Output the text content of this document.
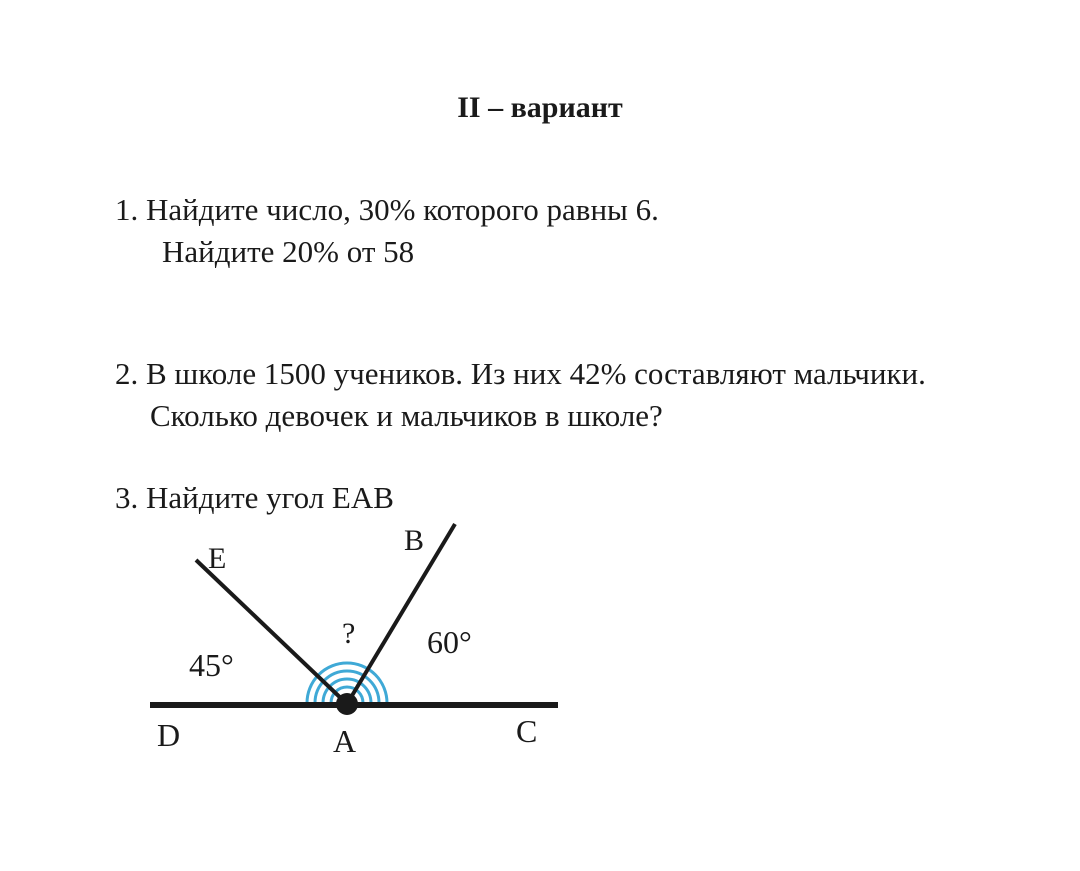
II – вариант
1. Найдите число, 30% которого равны 6.
Найдите 20% от 58
2. В школе 1500 учеников. Из них 42% составляют мальчики.
Сколько девочек и мальчиков в школе?
3. Найдите угол ЕАВ
E
B
D	A	C
45°
60°
?
